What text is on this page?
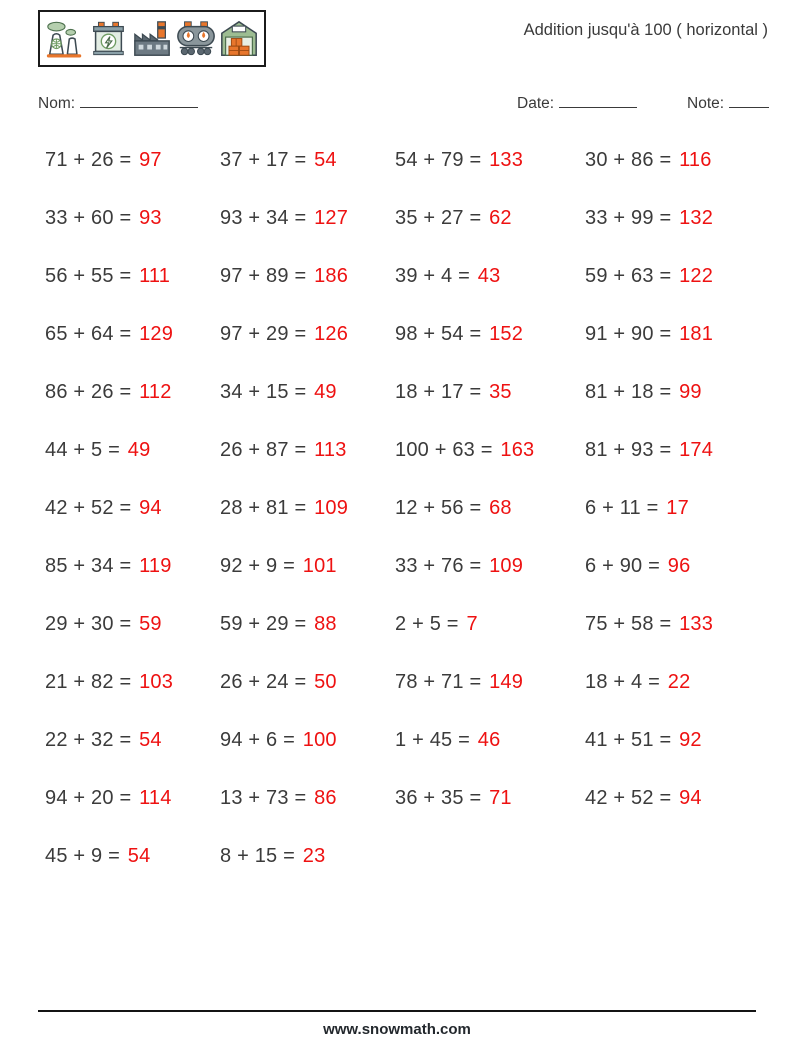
Addition jusqu'à 100 ( horizontal )
Nom:	Date:	Note:
71 + 26 = 97	37 + 17 = 54	54 + 79 = 133	30 + 86 = 116
33 + 60 = 93	93 + 34 = 127 35 + 27 = 62	33 + 99 = 132
56 + 55 = 111 97 + 89 = 186 39 + 4 = 43	59 + 63 = 122
65 + 64 = 129 97 + 29 = 126 98 + 54 = 152	91 + 90 = 181
86 + 26 = 112 34 + 15 = 49	18 + 17 = 35	81 + 18 = 99
44 + 5 = 49	26 + 87 = 113 100 + 63 = 163	81 + 93 = 174
42 + 52 = 94	28 + 81 = 109 12 + 56 = 68	6 + 11 = 17
85 + 34 = 119 92 + 9 = 101	33 + 76 = 109	6 + 90 = 96
29 + 30 = 59	59 + 29 = 88	2 + 5 = 7	75 + 58 = 133
21 + 82 = 103 26 + 24 = 50	78 + 71 = 149	18 + 4 = 22
22 + 32 = 54	94 + 6 = 100	1 + 45 = 46	41 + 51 = 92
94 + 20 = 114 13 + 73 = 86	36 + 35 = 71	42 + 52 = 94
45 + 9 = 54	8 + 15 = 23
www.snowmath.com
